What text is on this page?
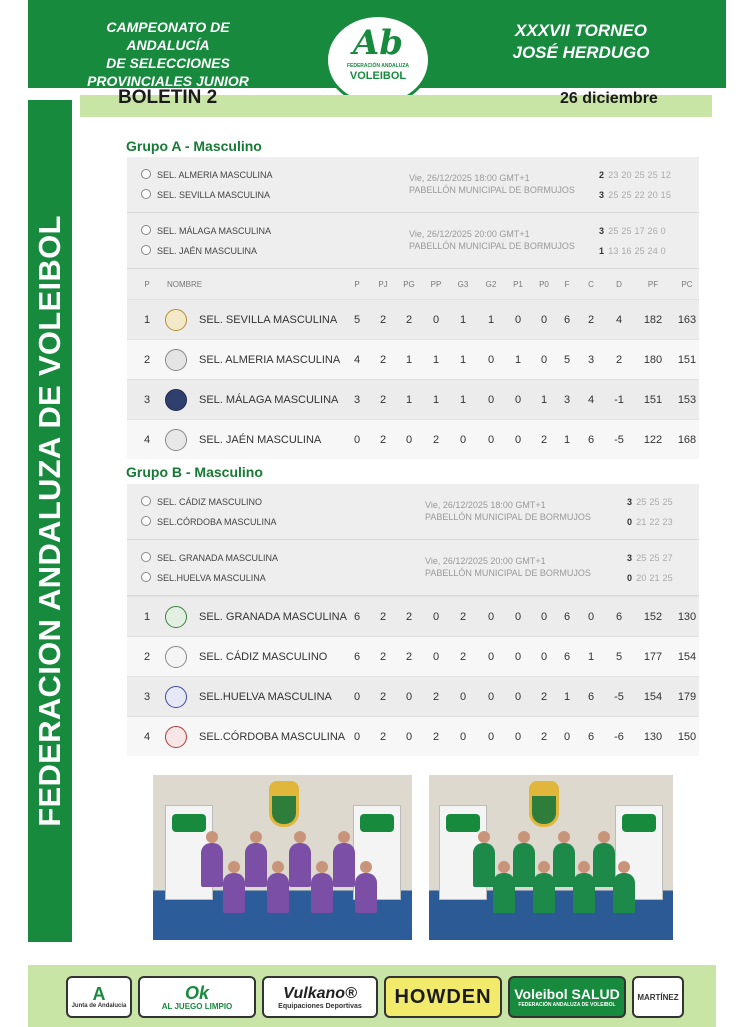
CAMPEONATO DE ANDALUCÍA
DE SELECCIONES
PROVINCIALES JUNIOR
XXXVII TORNEO
JOSÉ HERDUGO
Ab
FEDERACIÓN ANDALUZA
VOLEIBOL
BOLETIN 2	26 diciembre
FEDERACION ANDALUZA DE VOLEIBOL
Grupo A - Masculino
SEL. ALMERIA MASCULINA
SEL. SEVILLA MASCULINA
Vie, 26/12/2025 18:00 GMT+1
PABELLÓN MUNICIPAL DE BORMUJOS
2 23 20 25 25 12
3 25 25 22 20 15
SEL. MÁLAGA MASCULINA
SEL. JAÉN MASCULINA
Vie, 26/12/2025 20:00 GMT+1
PABELLÓN MUNICIPAL DE BORMUJOS
3 25 25 17 26 0
1 13 16 25 24 0
P	NOMBRE	P	PJ	PG	PP	G3	G2	P1	P0	F	C	D	PF	PC
1	SEL. SEVILLA MASCULINA	5	2	2	0	1	1	0	0	6	2	4	182	163
2	SEL. ALMERIA MASCULINA	4	2	1	1	1	0	1	0	5	3	2	180	151
3	SEL. MÁLAGA MASCULINA	3	2	1	1	1	0	0	1	3	4	-1	151	153
4	SEL. JAÉN MASCULINA	0	2	0	2	0	0	0	2	1	6	-5	122	168
Grupo B - Masculino
SEL. CÁDIZ MASCULINO
SEL.CÓRDOBA MASCULINA
Vie, 26/12/2025 18:00 GMT+1
PABELLÓN MUNICIPAL DE BORMUJOS
3 25 25 25
0 21 22 23
SEL. GRANADA MASCULINA
SEL.HUELVA MASCULINA
Vie, 26/12/2025 20:00 GMT+1
PABELLÓN MUNICIPAL DE BORMUJOS
3 25 25 27
0 20 21 25
1	SEL. GRANADA MASCULINA 6	2	2	0	2	0	0	0	6	0	6	152	130
2	SEL. CÁDIZ MASCULINO	6	2	2	0	2	0	0	0	6	1	5	177	154
3	SEL.HUELVA MASCULINA	0	2	0	2	0	0	0	2	1	6	-5	154	179
4	SEL.CÓRDOBA MASCULINA 0	2	0	2	0	0	0	2	0	6	-6	130	150
A
Junta de Andalucía
Ok
AL JUEGO LIMPIO
Vulkano®
Equipaciones Deportivas HOWDEN Voleibol SALUD
FEDERACIÓN ANDALUZA DE VOLEIBOL
MARTÍNEZ
